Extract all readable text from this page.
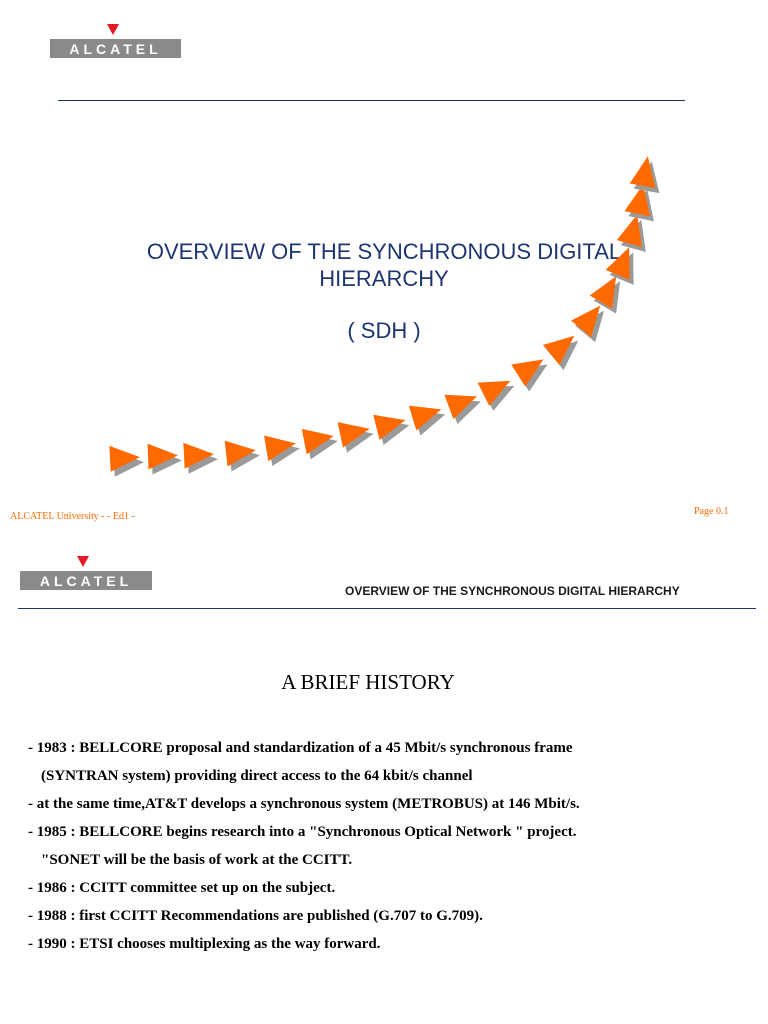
ALCATEL
OVERVIEW OF THE SYNCHRONOUS DIGITAL
HIERARCHY
( SDH )
ALCATEL University - - Ed1 -	Page 0.1
ALCATEL
OVERVIEW OF THE SYNCHRONOUS DIGITAL HIERARCHY
A BRIEF HISTORY
- 1983 : BELLCORE proposal and standardization of a 45 Mbit/s synchronous frame
(SYNTRAN system) providing direct access to the 64 kbit/s channel
- at the same time,AT&T develops a synchronous system (METROBUS) at 146 Mbit/s.
- 1985 : BELLCORE begins research into a "Synchronous Optical Network " project.
"SONET will be the basis of work at the CCITT.
- 1986 : CCITT committee set up on the subject.
- 1988 : first CCITT Recommendations are published (G.707 to G.709).
- 1990 : ETSI chooses multiplexing as the way forward.
